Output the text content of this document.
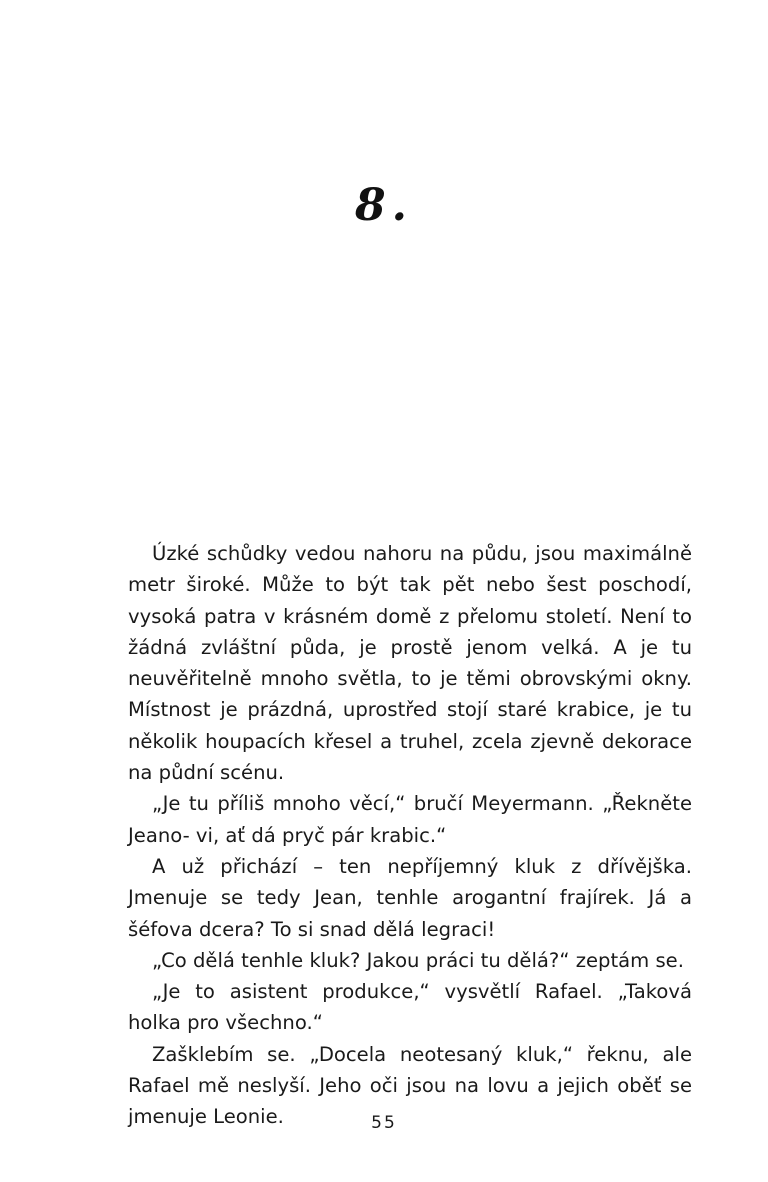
8.

Úzké schůdky vedou nahoru na půdu, jsou maximálně metr široké. Může to být tak pět nebo šest poschodí, vysoká patra v krásném domě z přelomu století. Není to žádná zvláštní půda, je prostě jenom velká. A je tu neuvěřitelně mnoho světla, to je těmi obrovskými okny. Místnost je prázdná, uprostřed stojí staré krabice, je tu několik houpacích křesel a truhel, zcela zjevně dekorace na půdní scénu.

„Je tu příliš mnoho věcí,“ bručí Meyermann. „Řekněte Jeano- vi, ať dá pryč pár krabic.“

A už přichází – ten nepříjemný kluk z dřívějška. Jmenuje se tedy Jean, tenhle arogantní frajírek. Já a šéfova dcera? To si snad dělá legraci!

„Co dělá tenhle kluk? Jakou práci tu dělá?“ zeptám se.

„Je to asistent produkce,“ vysvětlí Rafael. „Taková holka pro všechno.“

Zašklebím se. „Docela neotesaný kluk,“ řeknu, ale Rafael mě neslyší. Jeho oči jsou na lovu a jejich oběť se jmenuje Leonie.	55
